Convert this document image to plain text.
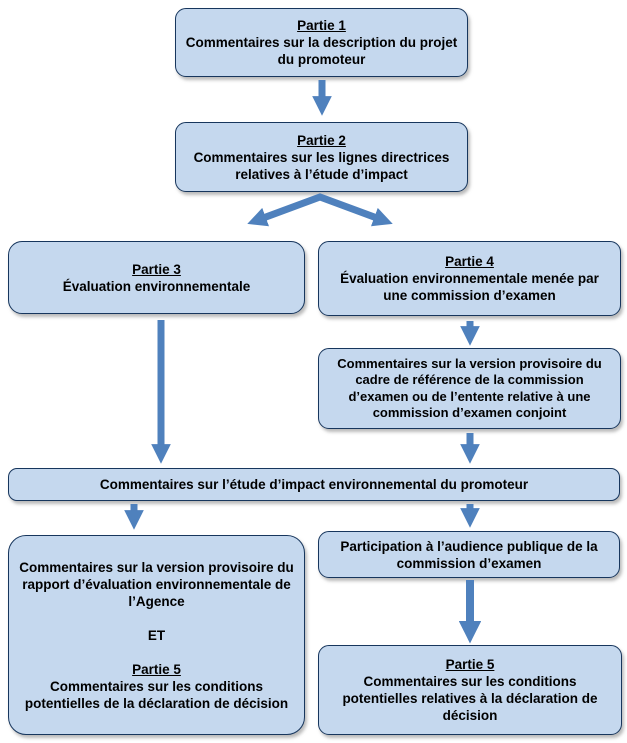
Partie 1
Commentaires sur la description du projet du promoteur
Partie 2
Commentaires sur les lignes directrices relatives à l’étude d’impact
Partie 3
Évaluation environnementale
Partie 4
Évaluation environnementale menée par une commission d’examen
Commentaires sur la version provisoire du cadre de référence de la commission d’examen ou de l’entente relative à une commission d’examen conjoint
Commentaires sur l’étude d’impact environnemental du promoteur
Commentaires sur la version provisoire du rapport d’évaluation environnementale de l’Agence
ET
Partie 5
Commentaires sur les conditions potentielles de la déclaration de décision
Participation à l’audience publique de la commission d’examen
Partie 5
Commentaires sur les conditions potentielles relatives à la déclaration de décision
